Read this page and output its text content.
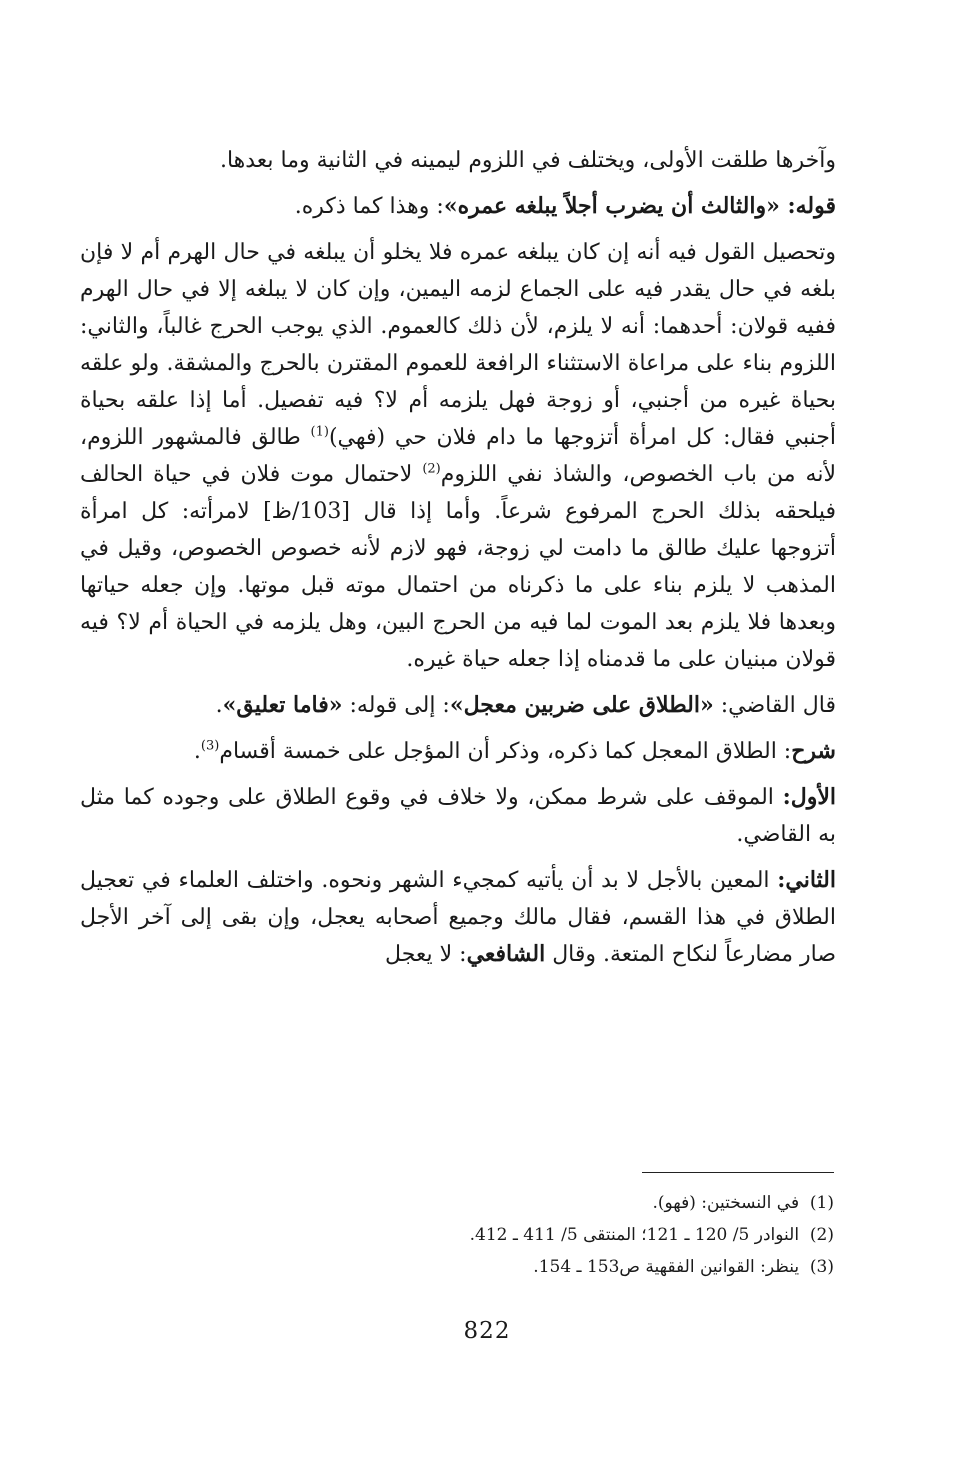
وآخرها طلقت الأولى، ويختلف في اللزوم ليمينه في الثانية وما بعدها.

قوله: «والثالث أن يضرب أجلاً يبلغه عمره»: وهذا كما ذكره.

وتحصيل القول فيه أنه إن كان يبلغه عمره فلا يخلو أن يبلغه في حال الهرم أم لا فإن بلغه في حال يقدر فيه على الجماع لزمه اليمين، وإن كان لا يبلغه إلا في حال الهرم ففيه قولان: أحدهما: أنه لا يلزم، لأن ذلك كالعموم. الذي يوجب الحرج غالباً، والثاني: اللزوم بناء على مراعاة الاستثناء الرافعة للعموم المقترن بالحرج والمشقة. ولو علقه بحياة غيره من أجنبي، أو زوجة فهل يلزمه أم لا؟ فيه تفصيل. أما إذا علقه بحياة أجنبي فقال: كل امرأة أتزوجها ما دام فلان حي (فهي)$^{(1)}$ طالق فالمشهور اللزوم، لأنه من باب الخصوص، والشاذ نفي اللزوم$^{(2)}$ لاحتمال موت فلان في حياة الحالف فيلحقه بذلك الحرج المرفوع شرعاً. وأما إذا قال [103/ظ] لامرأته: كل امرأة أتزوجها عليك طالق ما دامت لي زوجة، فهو لازم لأنه خصوص الخصوص، وقيل في المذهب لا يلزم بناء على ما ذكرناه من احتمال موته قبل موتها. وإن جعله حياتها وبعدها فلا يلزم بعد الموت لما فيه من الحرج البين، وهل يلزمه في الحياة أم لا؟ فيه قولان مبنيان على ما قدمناه إذا جعله حياة غيره.

قال القاضي: «الطلاق على ضربين معجل»: إلى قوله: «فاما تعليق».

شرح: الطلاق المعجل كما ذكره، وذكر أن المؤجل على خمسة أقسام$^{(3)}$.

الأول: الموقف على شرط ممكن، ولا خلاف في وقوع الطلاق على وجوده كما مثل به القاضي.

الثاني: المعين بالأجل لا بد أن يأتيه كمجيء الشهر ونحوه. واختلف العلماء في تعجيل الطلاق في هذا القسم، فقال مالك وجميع أصحابه يعجل، وإن بقى إلى آخر الأجل صار مضارعاً لنكاح المتعة. وقال الشافعي: لا يعجل

(1)  في النسختين: (فهو).
(2)  النوادر 5/ 120 ـ 121؛ المنتقى 5/ 411 ـ 412.
(3)  ينظر: القوانين الفقهية ص153 ـ 154.
822
